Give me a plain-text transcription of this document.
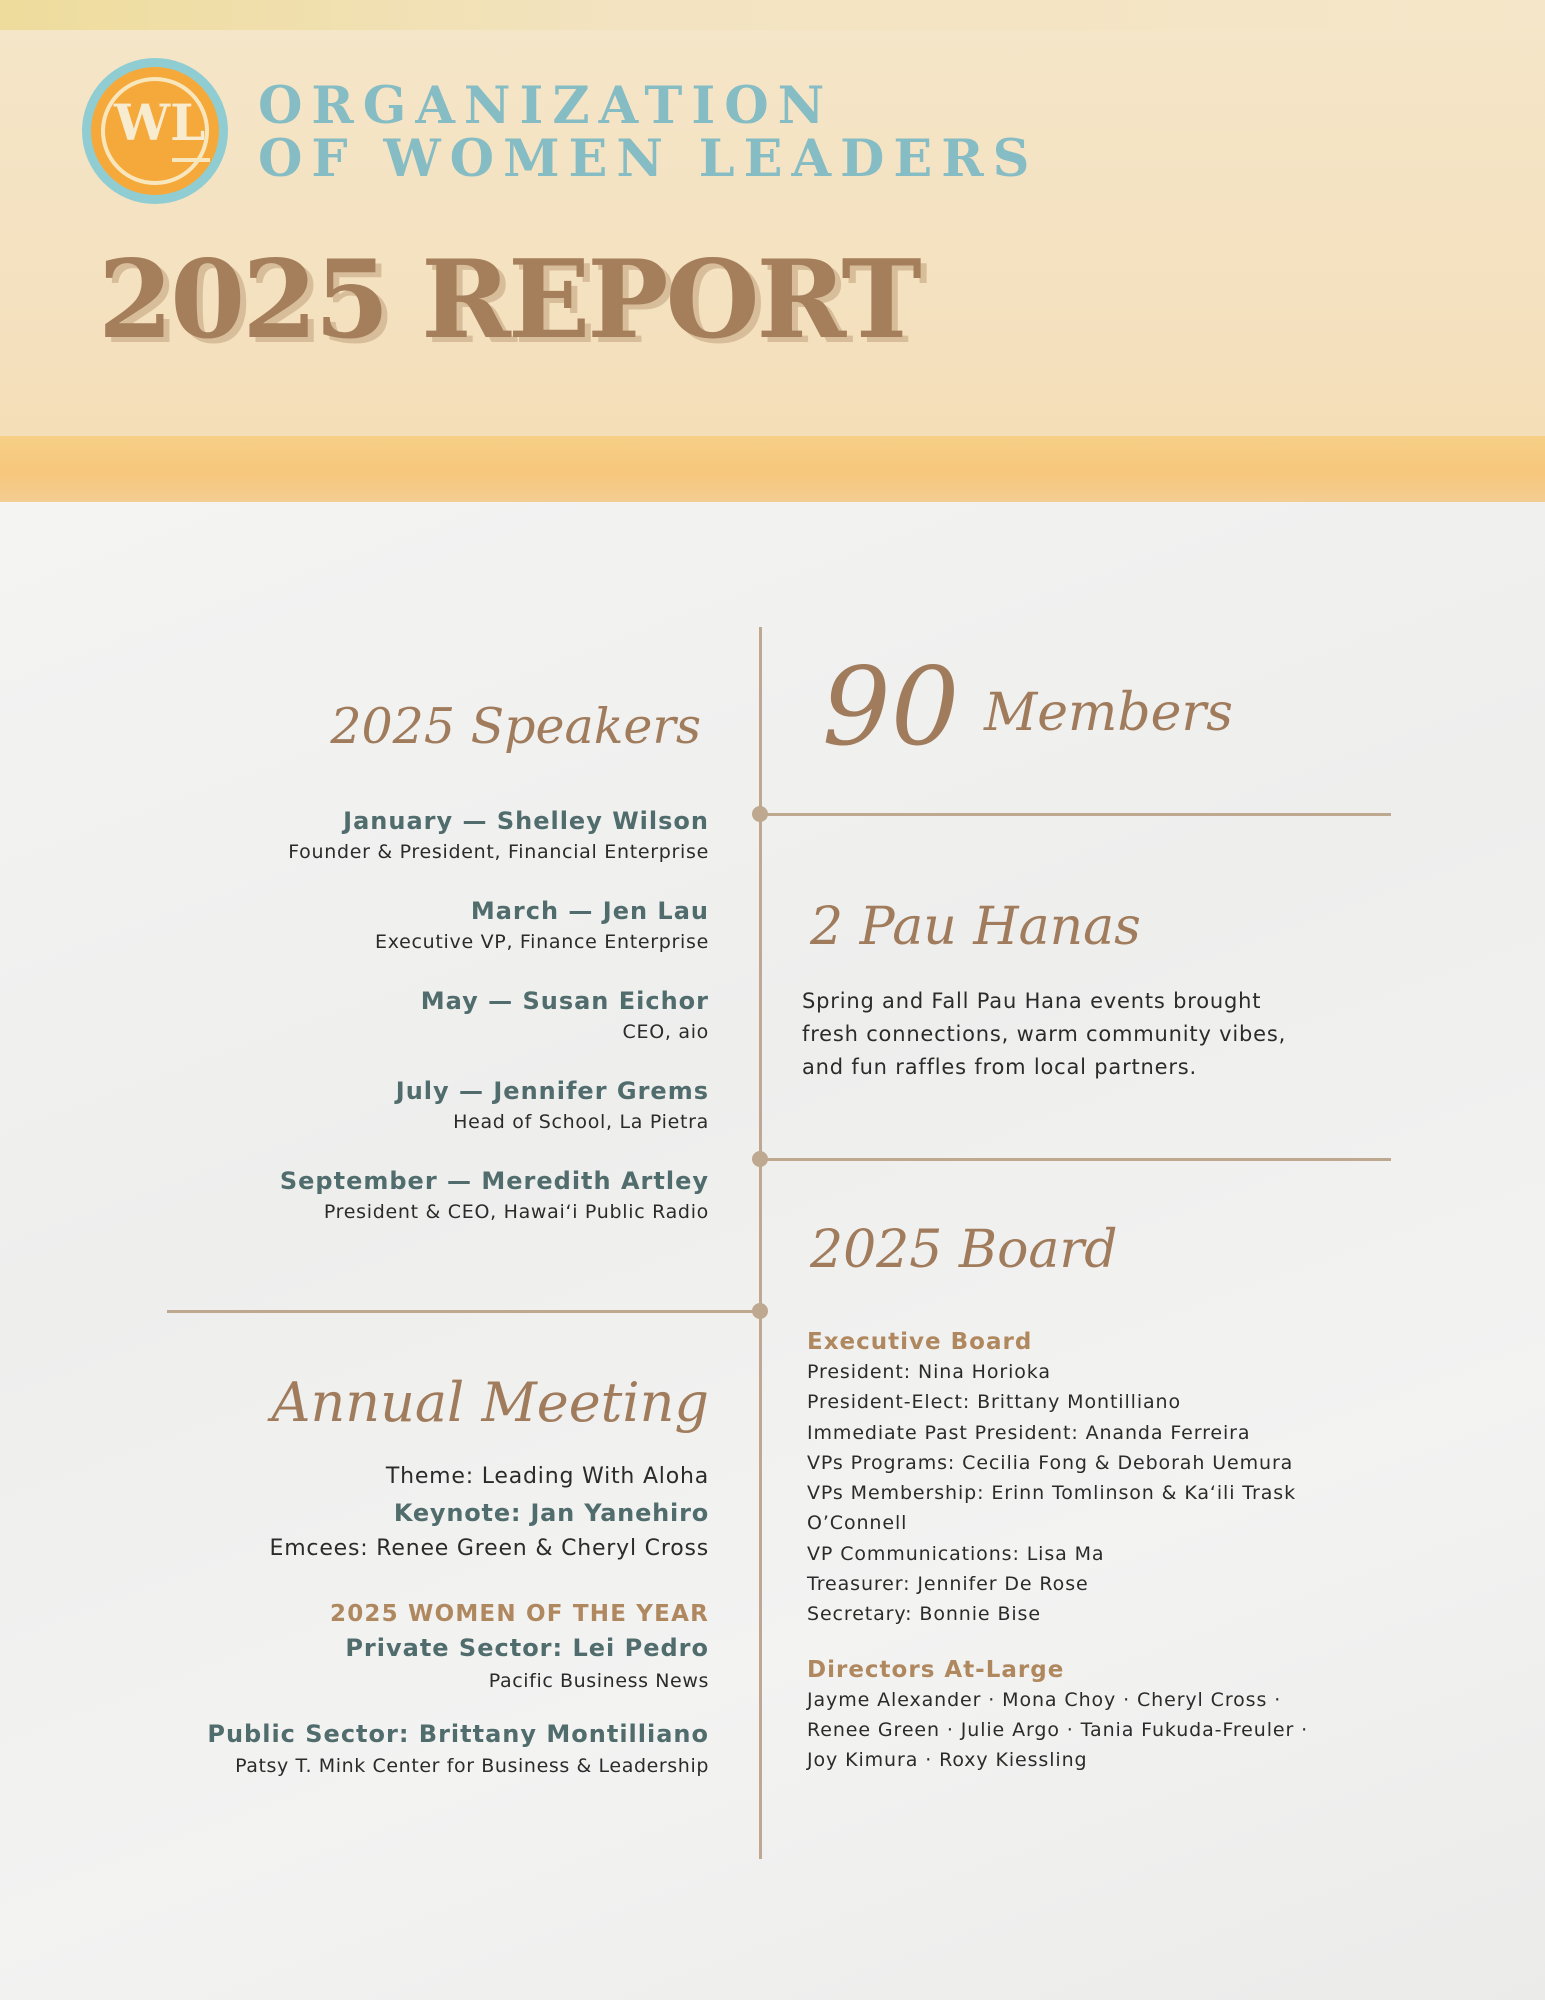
WL ORGANIZATION
OF WOMEN LEADERS
2025 REPORT
2025 Speakers
January — Shelley Wilson
Founder & President, Financial Enterprise
March — Jen Lau
Executive VP, Finance Enterprise
May — Susan Eichor
CEO, aio
July — Jennifer Grems
Head of School, La Pietra
September — Meredith Artley
President & CEO, Hawaiʻi Public Radio
90 Members
2 Pau Hanas
Spring and Fall Pau Hana events brought
fresh connections, warm community vibes,
and fun raffles from local partners.
Annual Meeting
Theme: Leading With Aloha
Keynote: Jan Yanehiro
Emcees: Renee Green & Cheryl Cross
2025 WOMEN OF THE YEAR
Private Sector: Lei Pedro
Pacific Business News
Public Sector: Brittany Montilliano
Patsy T. Mink Center for Business & Leadership
2025 Board
Executive Board
President: Nina Horioka
President-Elect: Brittany Montilliano
Immediate Past President: Ananda Ferreira
VPs Programs: Cecilia Fong & Deborah Uemura
VPs Membership: Erinn Tomlinson & Kaʻili Trask
O’Connell
VP Communications: Lisa Ma
Treasurer: Jennifer De Rose
Secretary: Bonnie Bise
Directors At-Large
Jayme Alexander · Mona Choy · Cheryl Cross ·
Renee Green · Julie Argo · Tania Fukuda-Freuler ·
Joy Kimura · Roxy Kiessling
